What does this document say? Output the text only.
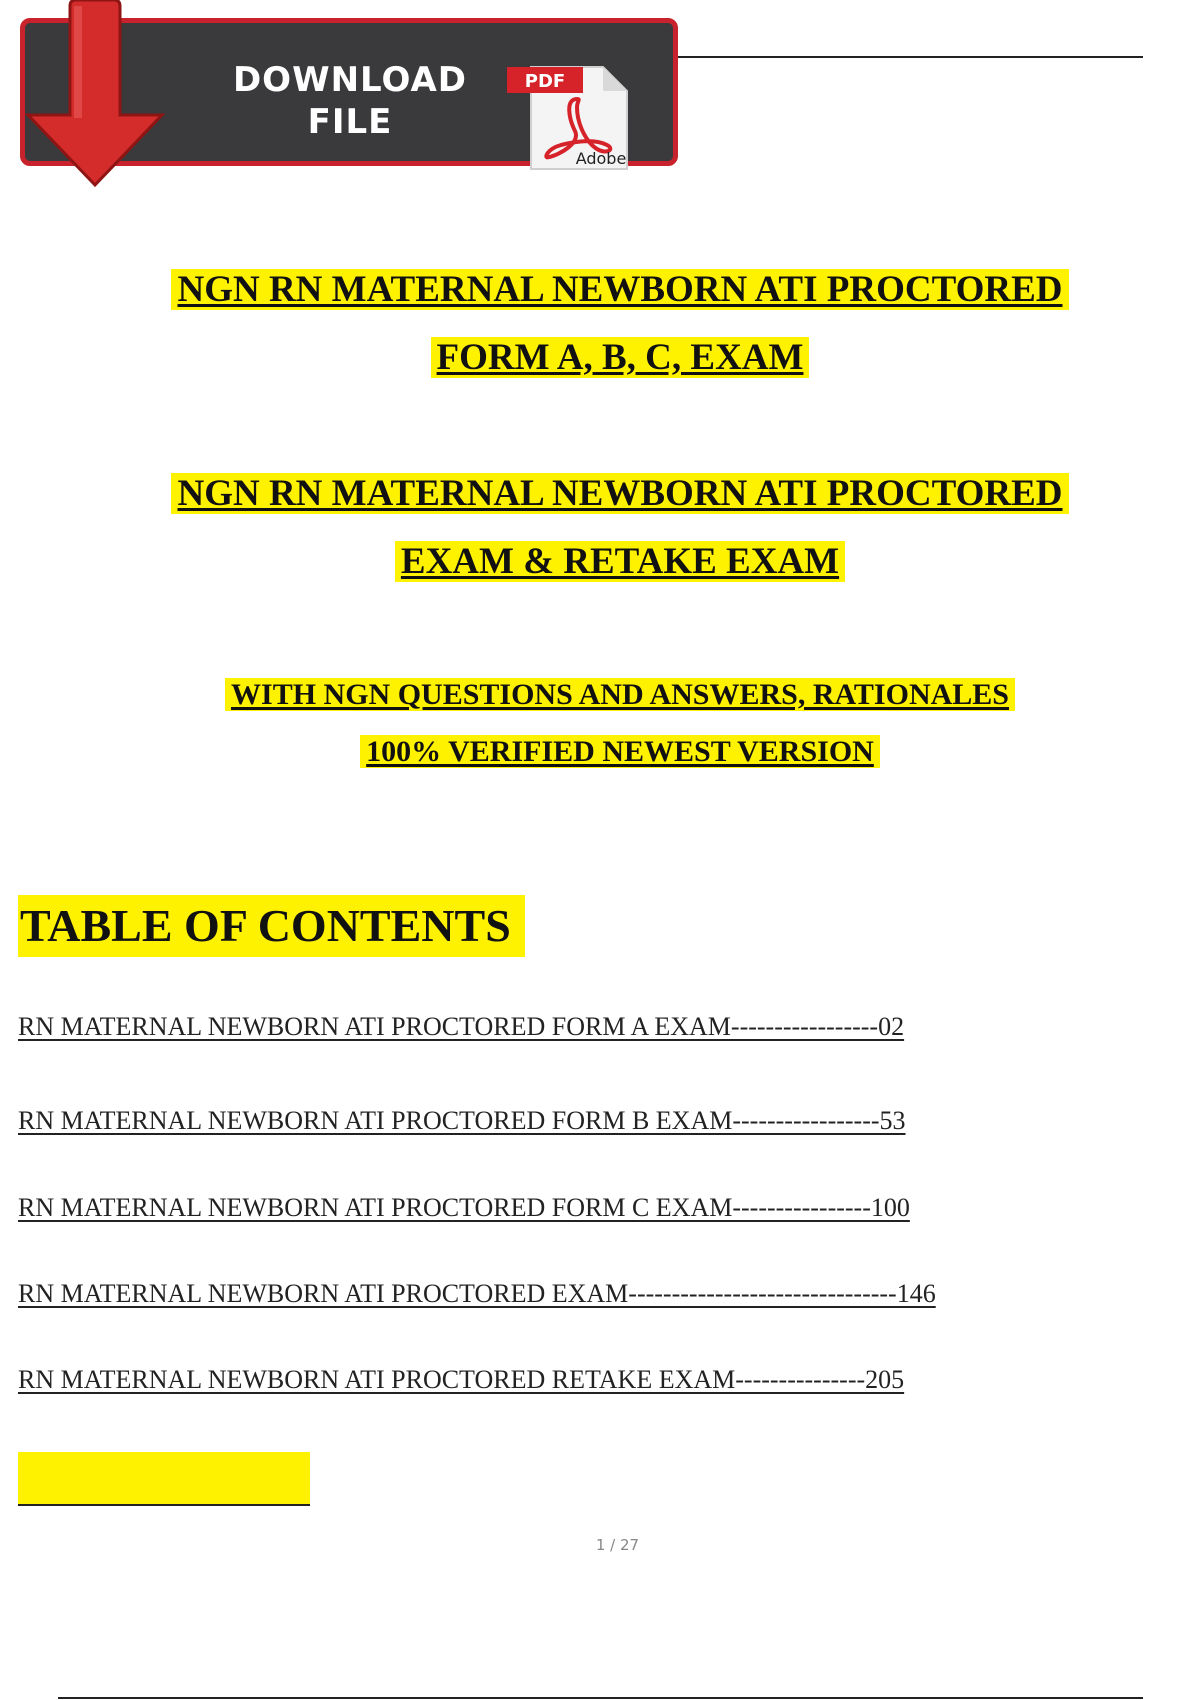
DOWNLOAD
FILE
PDF
Adobe
NGN RN MATERNAL NEWBORN ATI PROCTORED
FORM A, B, C, EXAM
NGN RN MATERNAL NEWBORN ATI PROCTORED
EXAM & RETAKE EXAM
WITH NGN QUESTIONS AND ANSWERS, RATIONALES
100% VERIFIED NEWEST VERSION
TABLE OF CONTENTS
RN MATERNAL NEWBORN ATI PROCTORED FORM A EXAM-----------------02
RN MATERNAL NEWBORN ATI PROCTORED FORM B EXAM-----------------53
RN MATERNAL NEWBORN ATI PROCTORED FORM C EXAM----------------100
RN MATERNAL NEWBORN ATI PROCTORED EXAM-------------------------------146
RN MATERNAL NEWBORN ATI PROCTORED RETAKE EXAM---------------205
1 / 27
